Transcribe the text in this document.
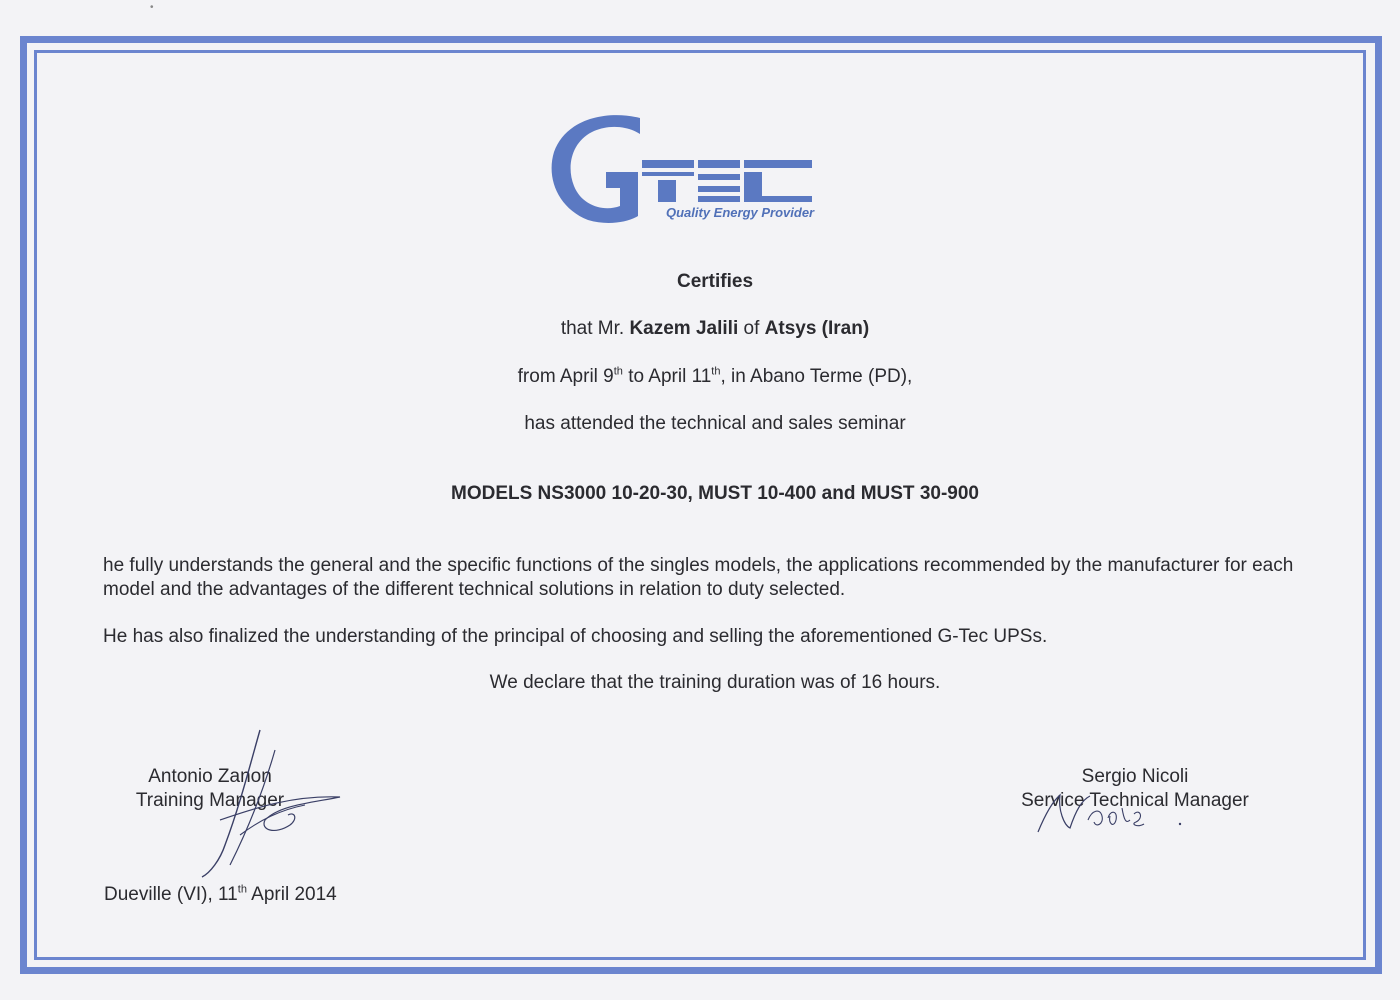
•
Quality Energy Provider
Certifies
that Mr. Kazem Jalili of Atsys (Iran)
from April 9th to April 11th, in Abano Terme (PD),
has attended the technical and sales seminar
MODELS NS3000 10-20-30, MUST 10-400 and MUST 30-900
he fully understands the general and the specific functions of the singles models, the applications recommended by the manufacturer for each model and the advantages of the different technical solutions in relation to duty selected.
He has also finalized the understanding of the principal of choosing and selling the aforementioned G-Tec UPSs.
We declare that the training duration was of 16 hours.
Antonio Zanon
Training Manager
Sergio Nicoli
Service Technical Manager
Dueville (VI), 11th April 2014
